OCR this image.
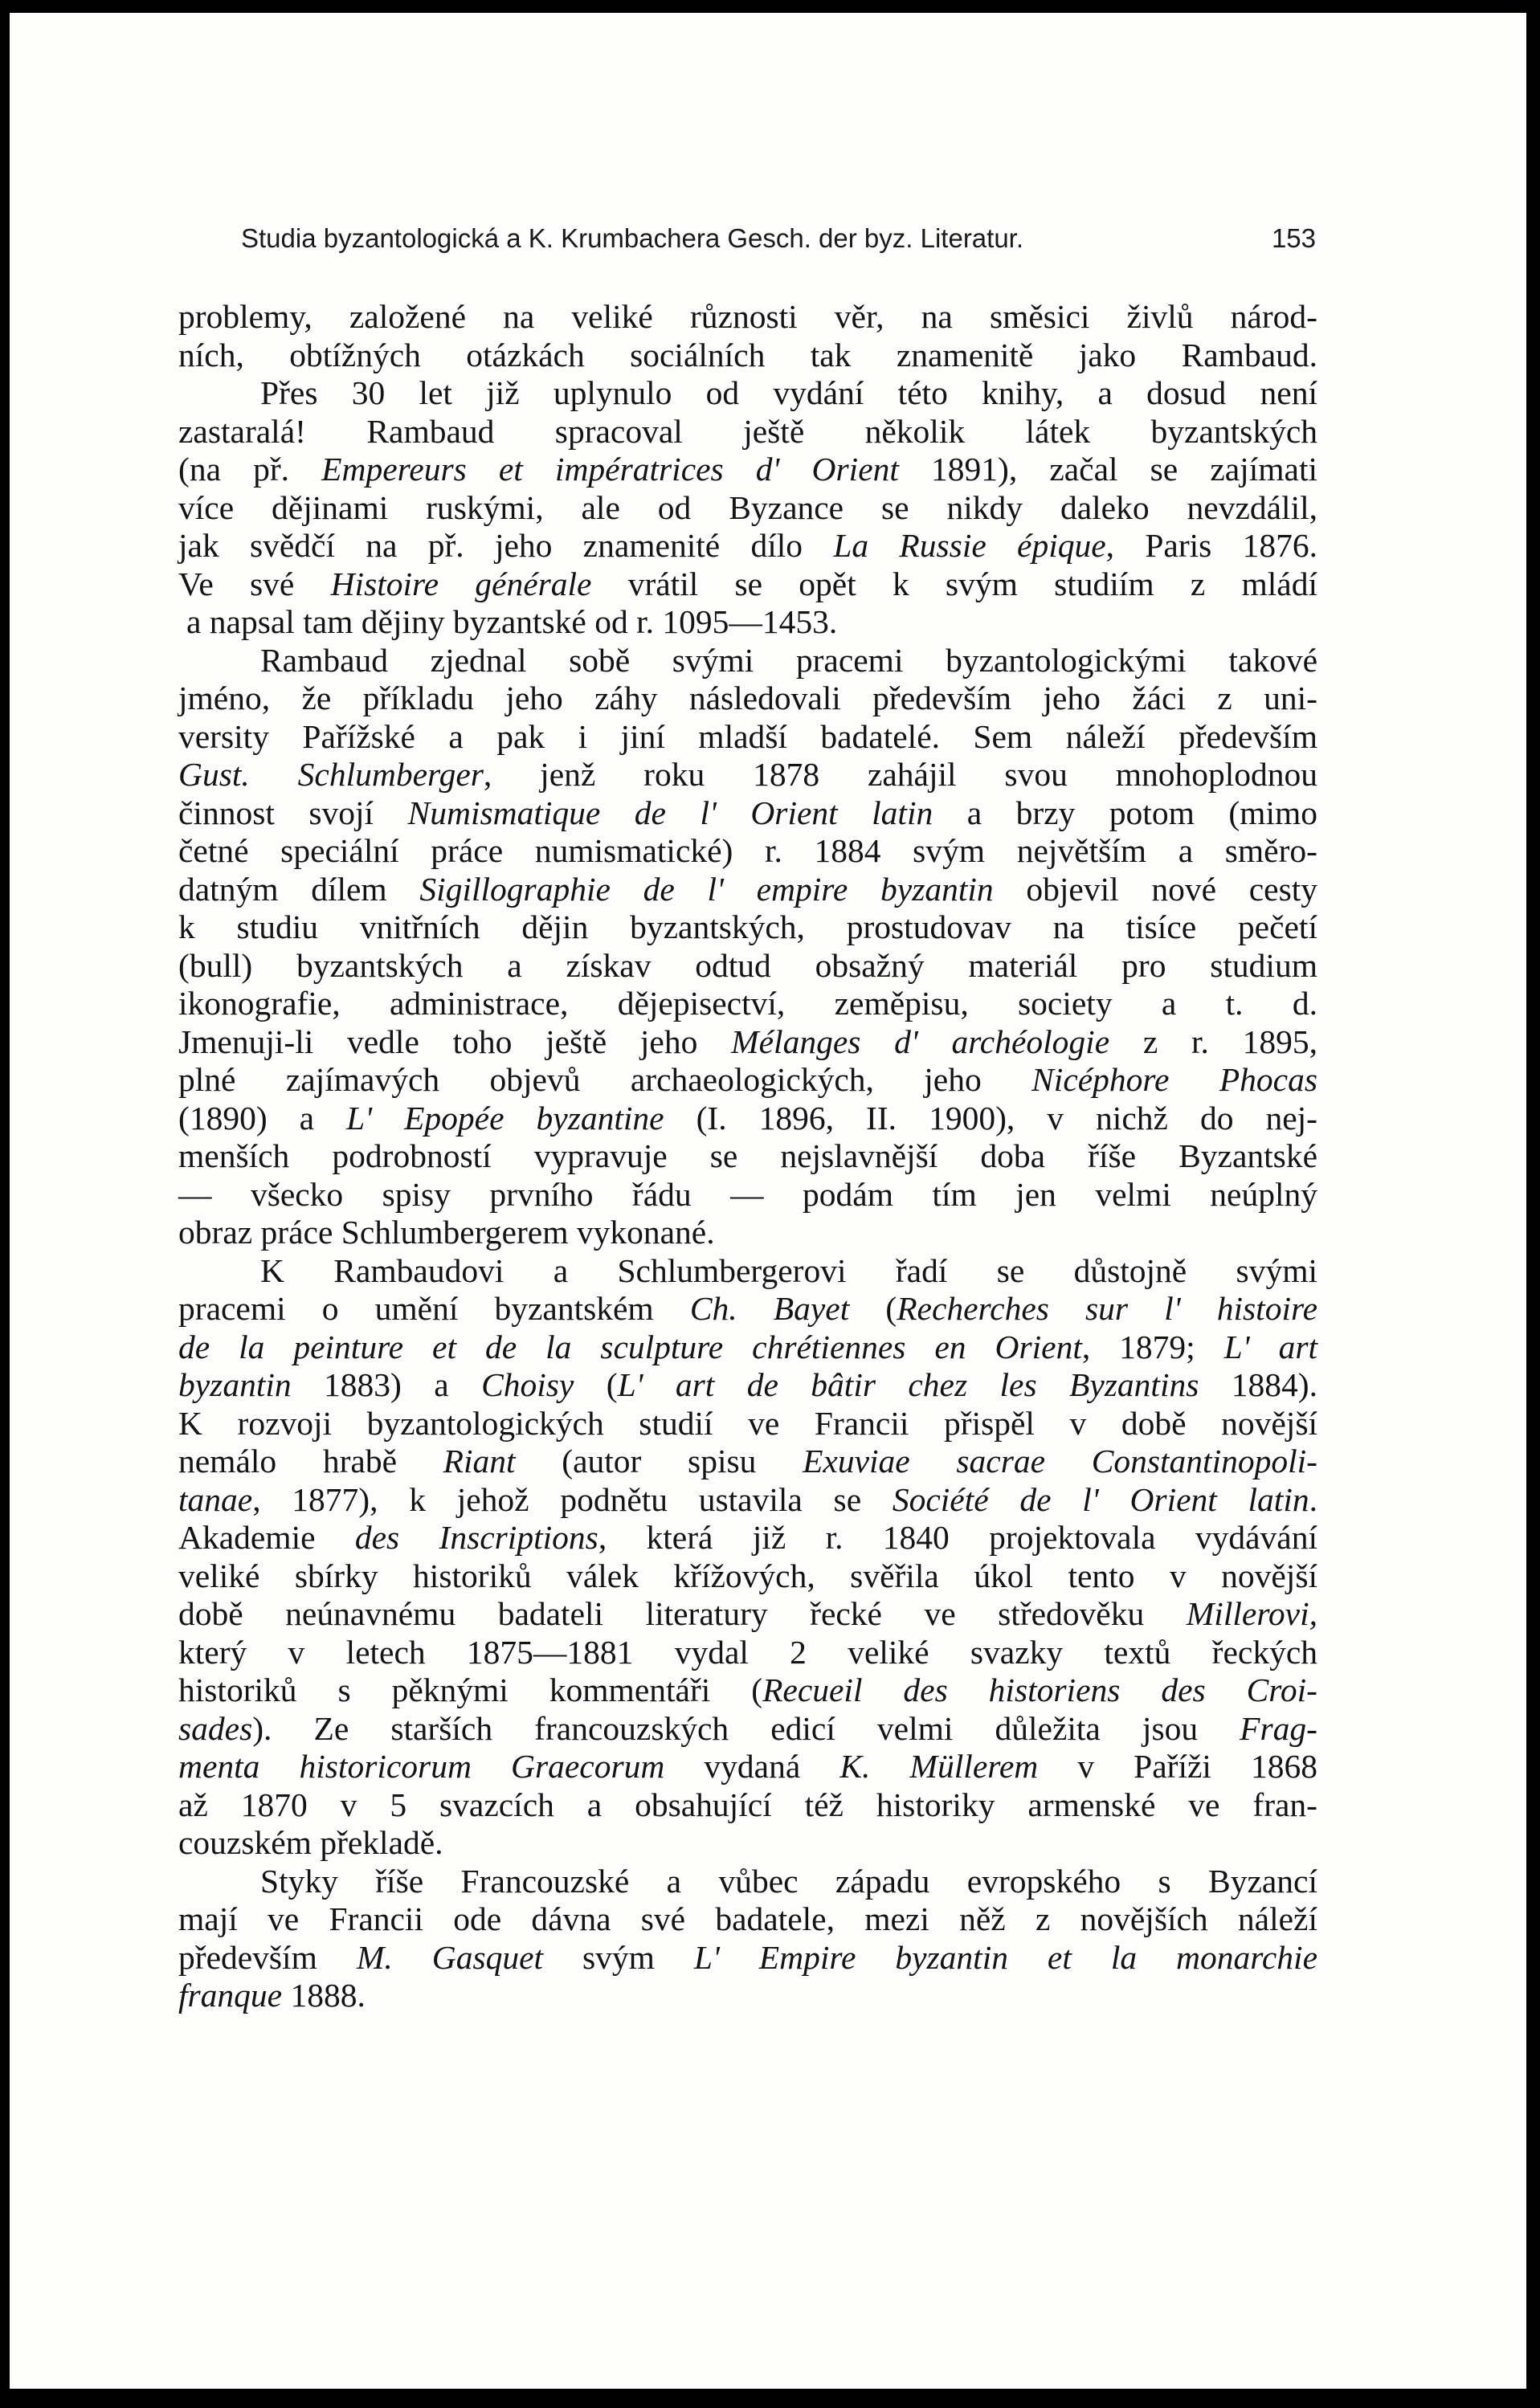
Studia byzantologická a K. Krumbachera Gesch. der byz. Literatur.	153
problemy, založené na veliké různosti věr, na směsici živlů národ-
ních, obtížných otázkách sociálních tak znamenitě jako Rambaud.
Přes 30 let již uplynulo od vydání této knihy, a dosud není
zastaralá! Rambaud spracoval ještě několik látek byzantských
(na př. Empereurs et impératrices d' Orient 1891), začal se zajímati
více dějinami ruskými, ale od Byzance se nikdy daleko nevzdálil,
jak svědčí na př. jeho znamenité dílo La Russie épique, Paris 1876.
Ve své Histoire générale vrátil se opět k svým studiím z mládí
a napsal tam dějiny byzantské od r. 1095—1453.
Rambaud zjednal sobě svými pracemi byzantologickými takové
jméno, že příkladu jeho záhy následovali především jeho žáci z uni-
versity Pařížské a pak i jiní mladší badatelé. Sem náleží především
Gust. Schlumberger, jenž roku 1878 zahájil svou mnohoplodnou
činnost svojí Numismatique de l' Orient latin a brzy potom (mimo
četné speciální práce numismatické) r. 1884 svým největším a směro-
datným dílem Sigillographie de l' empire byzantin objevil nové cesty
k studiu vnitřních dějin byzantských, prostudovav na tisíce pečetí
(bull) byzantských a získav odtud obsažný materiál pro studium
ikonografie, administrace, dějepisectví, zeměpisu, society a t. d.
Jmenuji-li vedle toho ještě jeho Mélanges d' archéologie z r. 1895,
plné zajímavých objevů archaeologických, jeho Nicéphore Phocas
(1890) a L' Epopée byzantine (I. 1896, II. 1900), v nichž do nej-
menších podrobností vypravuje se nejslavnější doba říše Byzantské
— všecko spisy prvního řádu — podám tím jen velmi neúplný
obraz práce Schlumbergerem vykonané.
K Rambaudovi a Schlumbergerovi řadí se důstojně svými
pracemi o umění byzantském Ch. Bayet (Recherches sur l' histoire
de la peinture et de la sculpture chrétiennes en Orient, 1879; L' art
byzantin 1883) a Choisy (L' art de bâtir chez les Byzantins 1884).
K rozvoji byzantologických studií ve Francii přispěl v době novější
nemálo hrabě Riant (autor spisu Exuviae sacrae Constantinopoli-
tanae, 1877), k jehož podnětu ustavila se Société de l' Orient latin.
Akademie des Inscriptions, která již r. 1840 projektovala vydávání
veliké sbírky historiků válek křížových, svěřila úkol tento v novější
době neúnavnému badateli literatury řecké ve středověku Millerovi,
který v letech 1875—1881 vydal 2 veliké svazky textů řeckých
historiků s pěknými kommentáři (Recueil des historiens des Croi-
sades). Ze starších francouzských edicí velmi důležita jsou Frag-
menta historicorum Graecorum vydaná K. Müllerem v Paříži 1868
až 1870 v 5 svazcích a obsahující též historiky armenské ve fran-
couzském překladě.
Styky říše Francouzské a vůbec západu evropského s Byzancí
mají ve Francii ode dávna své badatele, mezi něž z novějších náleží
především M. Gasquet svým L' Empire byzantin et la monarchie
franque 1888.
